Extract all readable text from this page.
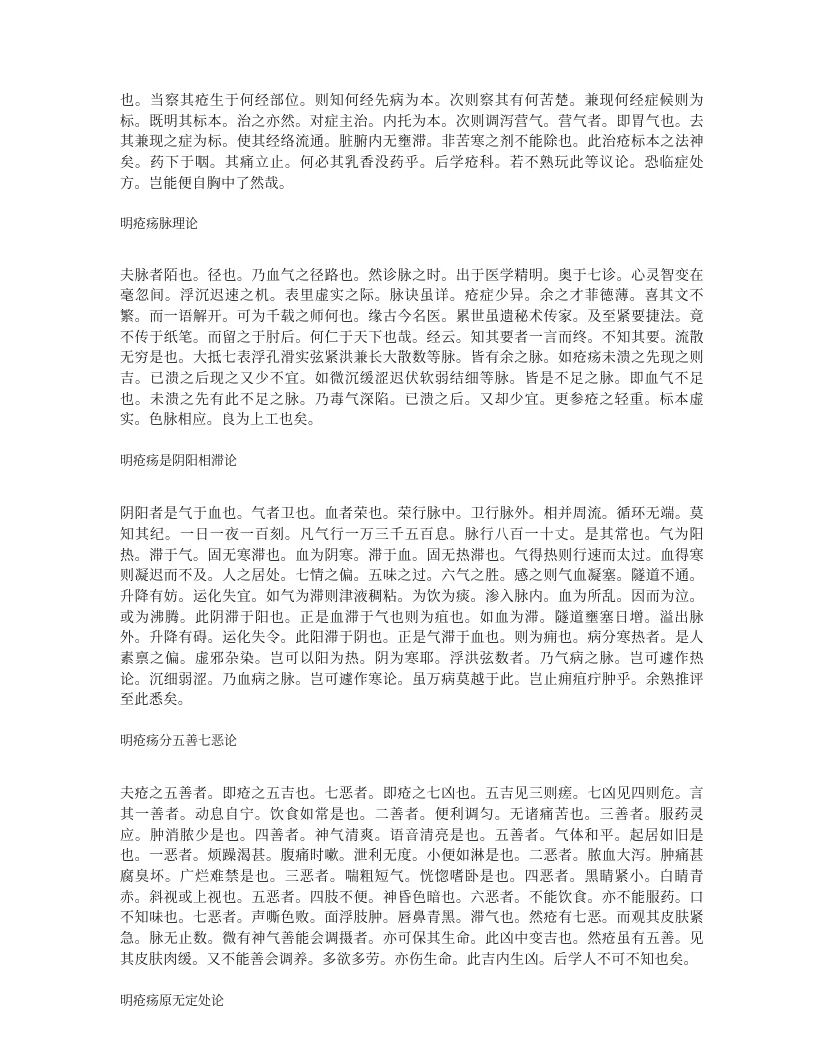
也。当察其疮生于何经部位。则知何经先病为本。次则察其有何苦楚。兼现何经症候则为标。既明其标本。治之亦然。对症主治。内托为本。次则调泻营气。营气者。即胃气也。去其兼现之症为标。使其经络流通。脏腑内无壅滞。非苦寒之剂不能除也。此治疮标本之法神矣。药下于咽。其痛立止。何必其乳香没药乎。后学疮科。若不熟玩此等议论。恐临症处方。岂能便自胸中了然哉。

明疮疡脉理论

夫脉者陌也。径也。乃血气之径路也。然诊脉之时。出于医学精明。奥于七诊。心灵智变在毫忽间。浮沉迟速之机。表里虚实之际。脉诀虽详。疮症少异。余之才菲德薄。喜其文不繁。而一语解开。可为千载之师何也。缘古今名医。累世虽遗秘术传家。及至紧要捷法。竟不传于纸笔。而留之于肘后。何仁于天下也哉。经云。知其要者一言而终。不知其要。流散无穷是也。大抵七表浮孔滑实弦紧洪兼长大散数等脉。皆有余之脉。如疮疡未溃之先现之则吉。已溃之后现之又少不宜。如微沉缓涩迟伏软弱结细等脉。皆是不足之脉。即血气不足也。未溃之先有此不足之脉。乃毒气深陷。已溃之后。又却少宜。更参疮之轻重。标本虚实。色脉相应。良为上工也矣。

明疮疡是阴阳相滞论

阴阳者是气于血也。气者卫也。血者荣也。荣行脉中。卫行脉外。相并周流。循环无端。莫知其纪。一日一夜一百刻。凡气行一万三千五百息。脉行八百一十丈。是其常也。气为阳热。滞于气。固无寒滞也。血为阴寒。滞于血。固无热滞也。气得热则行速而太过。血得寒则凝迟而不及。人之居处。七情之偏。五味之过。六气之胜。感之则气血凝塞。隧道不通。升降有妨。运化失宜。如气为滞则津液稠粘。为饮为痰。渗入脉内。血为所乱。因而为泣。或为沸腾。此阴滞于阳也。正是血滞于气也则为疽也。如血为滞。隧道壅塞日增。溢出脉外。升降有碍。运化失令。此阳滞于阴也。正是气滞于血也。则为痈也。病分寒热者。是人素禀之偏。虚邪杂染。岂可以阳为热。阴为寒耶。浮洪弦数者。乃气病之脉。岂可遽作热论。沉细弱涩。乃血病之脉。岂可遽作寒论。虽万病莫越于此。岂止痈疽疔肿乎。余熟推评至此悉矣。

明疮疡分五善七恶论

夫疮之五善者。即疮之五吉也。七恶者。即疮之七凶也。五吉见三则瘥。七凶见四则危。言其一善者。动息自宁。饮食如常是也。二善者。便利调匀。无诸痛苦也。三善者。服药灵应。肿消脓少是也。四善者。神气清爽。语音清亮是也。五善者。气体和平。起居如旧是也。一恶者。烦躁渴甚。腹痛时嗽。泄利无度。小便如淋是也。二恶者。脓血大泻。肿痛甚腐臭坏。广烂难禁是也。三恶者。喘粗短气。恍惚嗜卧是也。四恶者。黑睛紧小。白睛青赤。斜视或上视也。五恶者。四肢不便。神昏色暗也。六恶者。不能饮食。亦不能服药。口不知味也。七恶者。声嘶色败。面浮肢肿。唇鼻青黑。滞气也。然疮有七恶。而观其皮肤紧急。脉无止数。微有神气善能会调摄者。亦可保其生命。此凶中变吉也。然疮虽有五善。见其皮肤肉缓。又不能善会调养。多欲多劳。亦伤生命。此吉内生凶。后学人不可不知也矣。

明疮疡原无定处论
